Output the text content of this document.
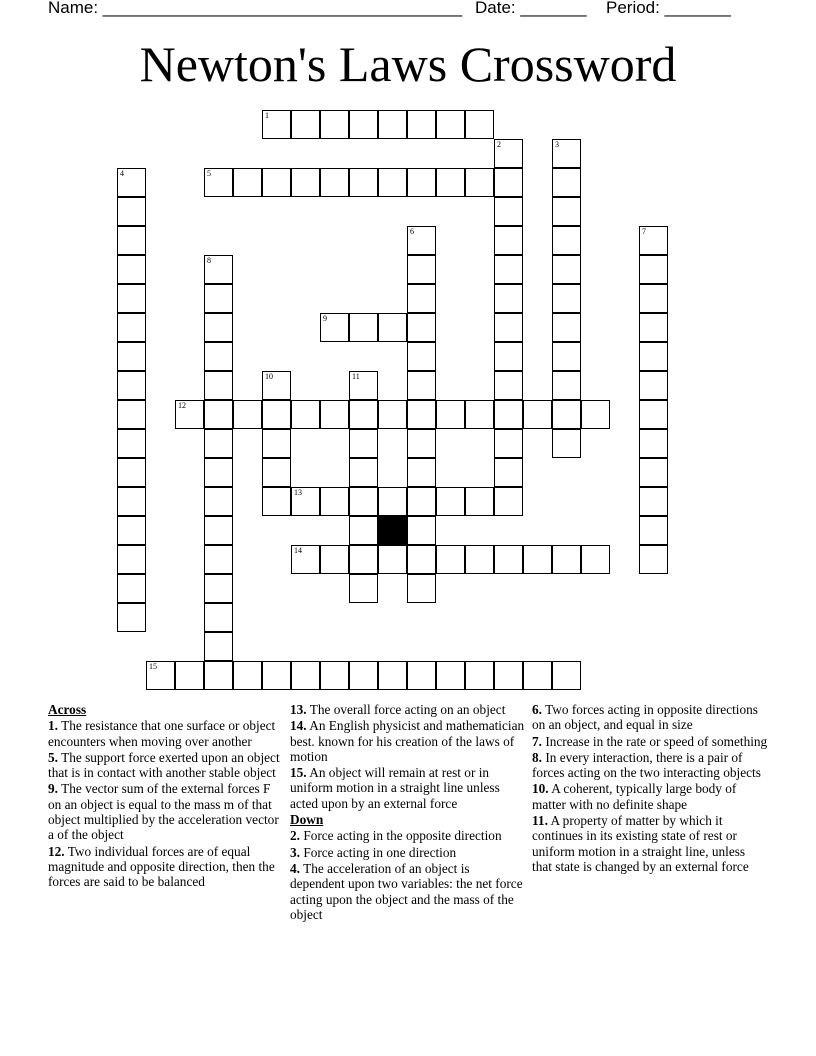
Name: ______________________________________

Date: _______

Period: _______

Newton's Laws Crossword
1
2	3
4	5
6	7
8
9
10	11
12
13
14
15
Across
1. The resistance that one surface or object encounters when moving over another
5. The support force exerted upon an object that is in contact with another stable object
9. The vector sum of the external forces F on an object is equal to the mass m of that object multiplied by the acceleration vector a of the object
12. Two individual forces are of equal magnitude and opposite direction, then the forces are said to be balanced
13. The overall force acting on an object
14. An English physicist and mathematician best. known for his creation of the laws of motion
15. An object will remain at rest or in uniform motion in a straight line unless acted upon by an external force
Down
2. Force acting in the opposite direction
3. Force acting in one direction
4. The acceleration of an object is dependent upon two variables: the net force acting upon the object and the mass of the object
6. Two forces acting in opposite directions on an object, and equal in size
7. Increase in the rate or speed of something
8. In every interaction, there is a pair of forces acting on the two interacting objects
10. A coherent, typically large body of matter with no definite shape
11. A property of matter by which it continues in its existing state of rest or uniform motion in a straight line, unless that state is changed by an external force
